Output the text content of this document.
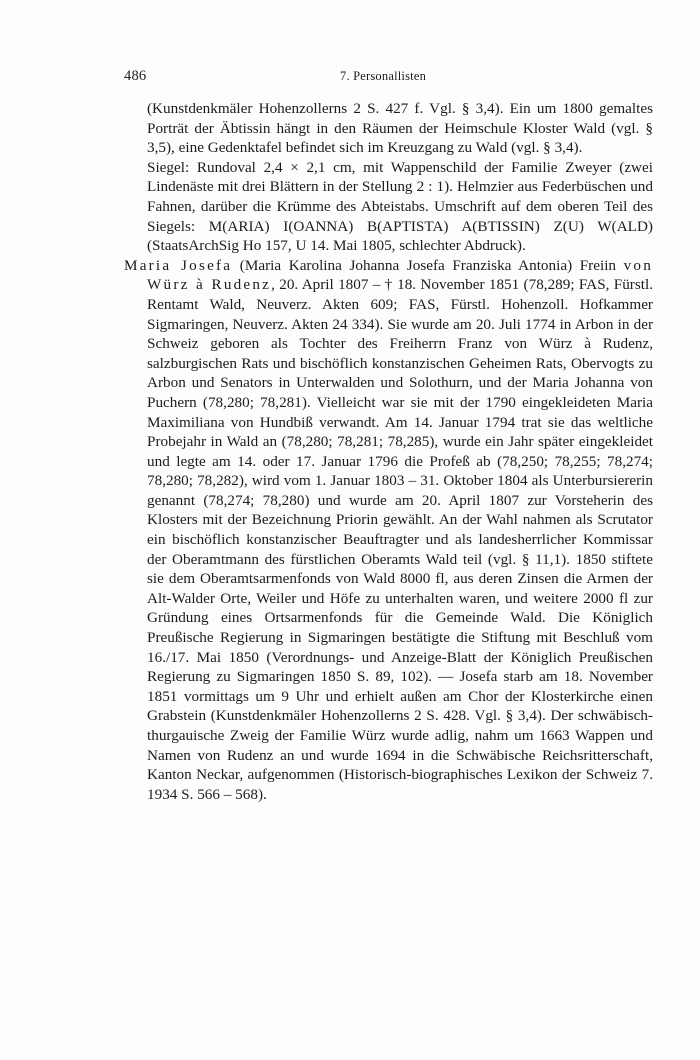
486	7. Personallisten

(Kunstdenkmäler Hohenzollerns 2 S. 427 f. Vgl. § 3,4). Ein um 1800 gemaltes Porträt der Äbtissin hängt in den Räumen der Heimschule Kloster Wald (vgl. § 3,5), eine Gedenktafel befindet sich im Kreuzgang zu Wald (vgl. § 3,4).

Siegel: Rundoval 2,4 × 2,1 cm, mit Wappenschild der Familie Zweyer (zwei Lindenäste mit drei Blättern in der Stellung 2 : 1). Helmzier aus Federbüschen und Fahnen, darüber die Krümme des Abteistabs. Umschrift auf dem oberen Teil des Siegels: M(ARIA) I(OANNA) B(APTISTA) A(BTISSIN) Z(U) W(ALD) (StaatsArchSig Ho 157, U 14. Mai 1805, schlechter Abdruck).

Maria Josefa (Maria Karolina Johanna Josefa Franziska Antonia) Freiin von Würz à Rudenz, 20. April 1807 – † 18. November 1851 (78,289; FAS, Fürstl. Rentamt Wald, Neuverz. Akten 609; FAS, Fürstl. Hohenzoll. Hofkammer Sigmaringen, Neuverz. Akten 24 334). Sie wurde am 20. Juli 1774 in Arbon in der Schweiz geboren als Tochter des Freiherrn Franz von Würz à Rudenz, salzburgischen Rats und bischöflich konstanzischen Geheimen Rats, Obervogts zu Arbon und Senators in Unterwalden und Solothurn, und der Maria Johanna von Puchern (78,280; 78,281). Vielleicht war sie mit der 1790 eingekleideten Maria Maximiliana von Hundbiß verwandt. Am 14. Januar 1794 trat sie das weltliche Probejahr in Wald an (78,280; 78,281; 78,285), wurde ein Jahr später eingekleidet und legte am 14. oder 17. Januar 1796 die Profeß ab (78,250; 78,255; 78,274; 78,280; 78,282), wird vom 1. Januar 1803 – 31. Oktober 1804 als Unterbursiererin genannt (78,274; 78,280) und wurde am 20. April 1807 zur Vorsteherin des Klosters mit der Bezeichnung Priorin gewählt. An der Wahl nahmen als Scrutator ein bischöflich konstanzischer Beauftragter und als landesherrlicher Kommissar der Oberamtmann des fürstlichen Oberamts Wald teil (vgl. § 11,1). 1850 stiftete sie dem Oberamtsarmenfonds von Wald 8000 fl, aus deren Zinsen die Armen der Alt-Walder Orte, Weiler und Höfe zu unterhalten waren, und weitere 2000 fl zur Gründung eines Ortsarmenfonds für die Gemeinde Wald. Die Königlich Preußische Regierung in Sigmaringen bestätigte die Stiftung mit Beschluß vom 16./17. Mai 1850 (Verordnungs- und Anzeige-Blatt der Königlich Preußischen Regierung zu Sigmaringen 1850 S. 89, 102). — Josefa starb am 18. November 1851 vormittags um 9 Uhr und erhielt außen am Chor der Klosterkirche einen Grabstein (Kunstdenkmäler Hohenzollerns 2 S. 428. Vgl. § 3,4). Der schwäbisch-thurgauische Zweig der Familie Würz wurde adlig, nahm um 1663 Wappen und Namen von Rudenz an und wurde 1694 in die Schwäbische Reichsritterschaft, Kanton Neckar, aufgenommen (Historisch-biographisches Lexikon der Schweiz 7. 1934 S. 566 – 568).
